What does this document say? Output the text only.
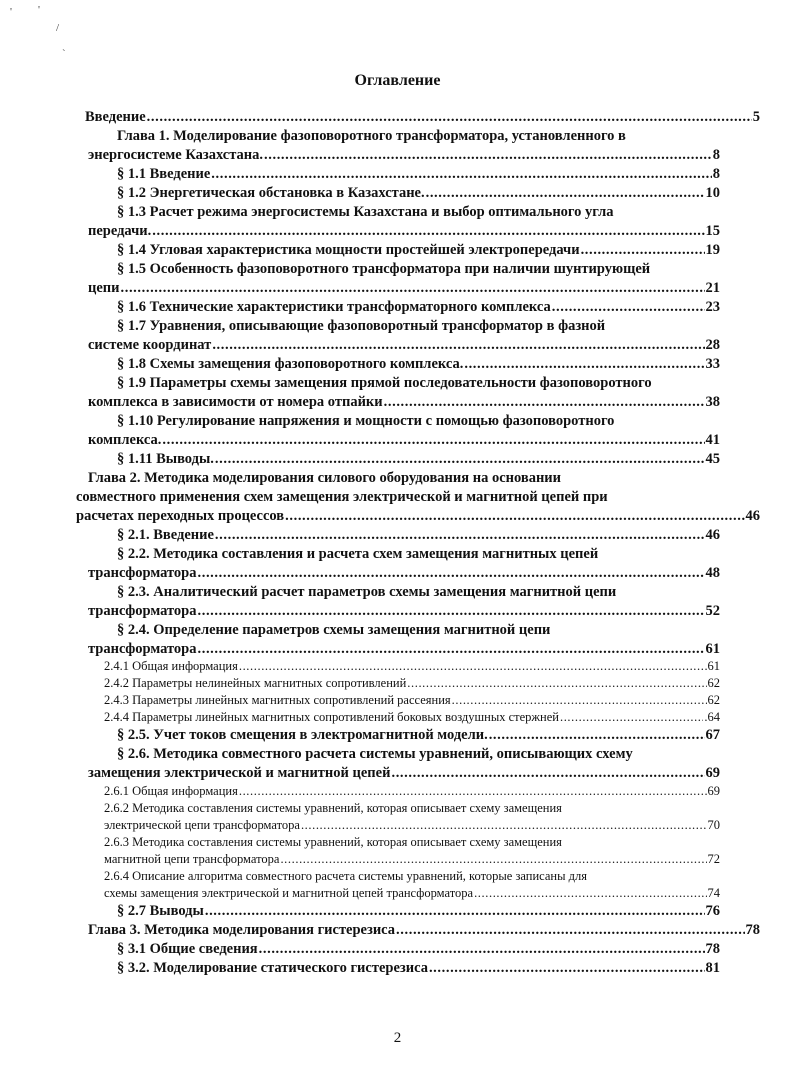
' '
/
`
Оглавление
Введение .....	5
Глава 1. Моделирование фазоповоротного трансформатора, установленного в
энергосистеме Казахстана. .....	8
§ 1.1 Введение .....	8
§ 1.2 Энергетическая обстановка в Казахстане. .....	10
§ 1.3 Расчет режима энергосистемы Казахстана и выбор оптимального угла
передачи. .....	15
§ 1.4 Угловая характеристика мощности простейшей электропередачи .....	19
§ 1.5 Особенность фазоповоротного трансформатора при наличии шунтирующей
цепи .....	21
§ 1.6 Технические характеристики трансформаторного комплекса .....	23
§ 1.7 Уравнения, описывающие фазоповоротный трансформатор в фазной
системе координат .....	28
§ 1.8 Схемы замещения фазоповоротного комплекса. .....	33
§ 1.9 Параметры схемы замещения прямой последовательности фазоповоротного
комплекса в зависимости от номера отпайки .....	38
§ 1.10 Регулирование напряжения и мощности с помощью фазоповоротного
комплекса. .....	41
§ 1.11 Выводы. .....	45
Глава 2. Методика моделирования силового оборудования на основании
совместного применения схем замещения электрической и магнитной цепей при
расчетах переходных процессов .....	46
§ 2.1. Введение .....	46
§ 2.2. Методика составления и расчета схем замещения магнитных цепей
трансформатора .....	48
§ 2.3. Аналитический расчет параметров схемы замещения магнитной цепи
трансформатора .....	52
§ 2.4. Определение параметров схемы замещения магнитной цепи
трансформатора .....	61
2.4.1 Общая информация .....	61
2.4.2 Параметры нелинейных магнитных сопротивлений .....	62
2.4.3 Параметры линейных магнитных сопротивлений рассеяния .....	62
2.4.4 Параметры линейных магнитных сопротивлений боковых воздушных стержней .....	.64
§ 2.5. Учет токов смещения в электромагнитной модели. .....	67
§ 2.6. Методика совместного расчета системы уравнений, описывающих схему
замещения электрической и магнитной цепей .....	69
2.6.1 Общая информация .....	69
2.6.2 Методика составления системы уравнений, которая описывает схему замещения
электрической цепи трансформатора .....	70
2.6.3 Методика составления системы уравнений, которая описывает схему замещения
магнитной цепи трансформатора .....	72
2.6.4 Описание алгоритма совместного расчета системы уравнений, которые записаны для
схемы замещения электрической и магнитной цепей трансформатора .....	74
§ 2.7 Выводы .....	76
Глава 3. Методика моделирования гистерезиса .....	78
§ 3.1 Общие сведения .....	78
§ 3.2. Моделирование статического гистерезиса .....	81
2
